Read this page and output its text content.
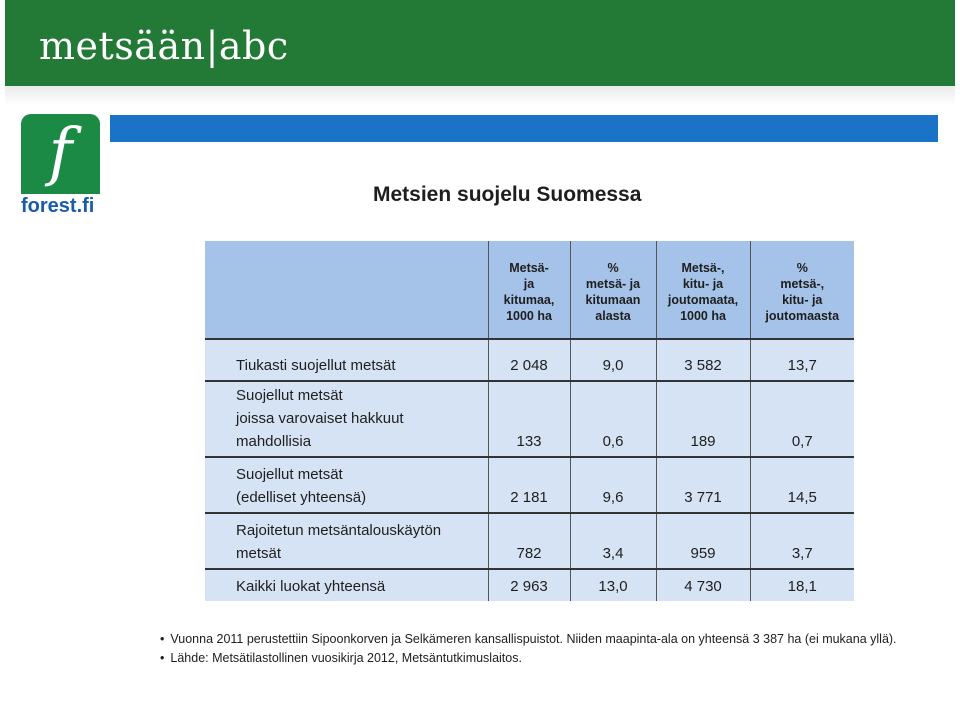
metsään|abc
f
forest.fi	Metsien suojelu Suomessa
	Metsä-
ja
kitumaa,
1000 ha	%
metsä- ja
kitumaan
alasta	Metsä-,
kitu- ja
joutomaata,
1000 ha	%
metsä-,
kitu- ja
joutomaasta
Tiukasti suojellut metsät	2 048	9,0	3 582	13,7
Suojellut metsät
joissa varovaiset hakkuut
mahdollisia	133	0,6	189	0,7
Suojellut metsät
(edelliset yhteensä)	2 181	9,6	3 771	14,5
Rajoitetun metsäntalouskäytön
metsät	782	3,4	959	3,7
Kaikki luokat yhteensä	2 963	13,0	4 730	18,1
• Vuonna 2011 perustettiin Sipoonkorven ja Selkämeren kansallispuistot. Niiden maapinta-ala on yhteensä 3 387 ha (ei mukana yllä).
• Lähde: Metsätilastollinen vuosikirja 2012, Metsäntutkimuslaitos.
